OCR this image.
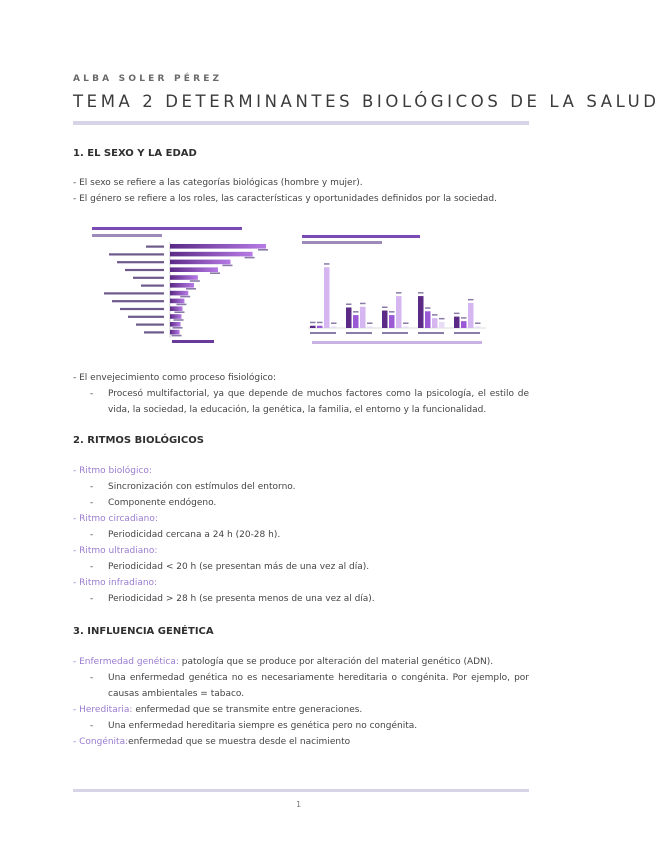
ALBA SOLER PÉREZ
TEMA 2 DETERMINANTES BIOLÓGICOS DE LA SALUD
1. EL SEXO Y LA EDAD
- El sexo se refiere a las categorías biológicas (hombre y mujer).
- El género se refiere a los roles, las características y oportunidades definidos por la sociedad.
- El envejecimiento como proceso fisiológico:
- Procesó multifactorial, ya que depende de muchos factores como la psicología, el estilo de vida, la sociedad, la educación, la genética, la familia, el entorno y la funcionalidad.
2. RITMOS BIOLÓGICOS
- Ritmo biológico:
- Sincronización con estímulos del entorno.
- Componente endógeno.
- Ritmo circadiano:
- Periodicidad cercana a 24 h (20-28 h).
- Ritmo ultradiano:
- Periodicidad < 20 h (se presentan más de una vez al día).
- Ritmo infradiano:
- Periodicidad > 28 h (se presenta menos de una vez al día).
3. INFLUENCIA GENÉTICA
- Enfermedad genética: patología que se produce por alteración del material genético (ADN).
- Una enfermedad genética no es necesariamente hereditaria o congénita. Por ejemplo, por causas ambientales = tabaco.
- Hereditaria: enfermedad que se transmite entre generaciones.
- Una enfermedad hereditaria siempre es genética pero no congénita.
- Congénita:enfermedad que se muestra desde el nacimiento
1
